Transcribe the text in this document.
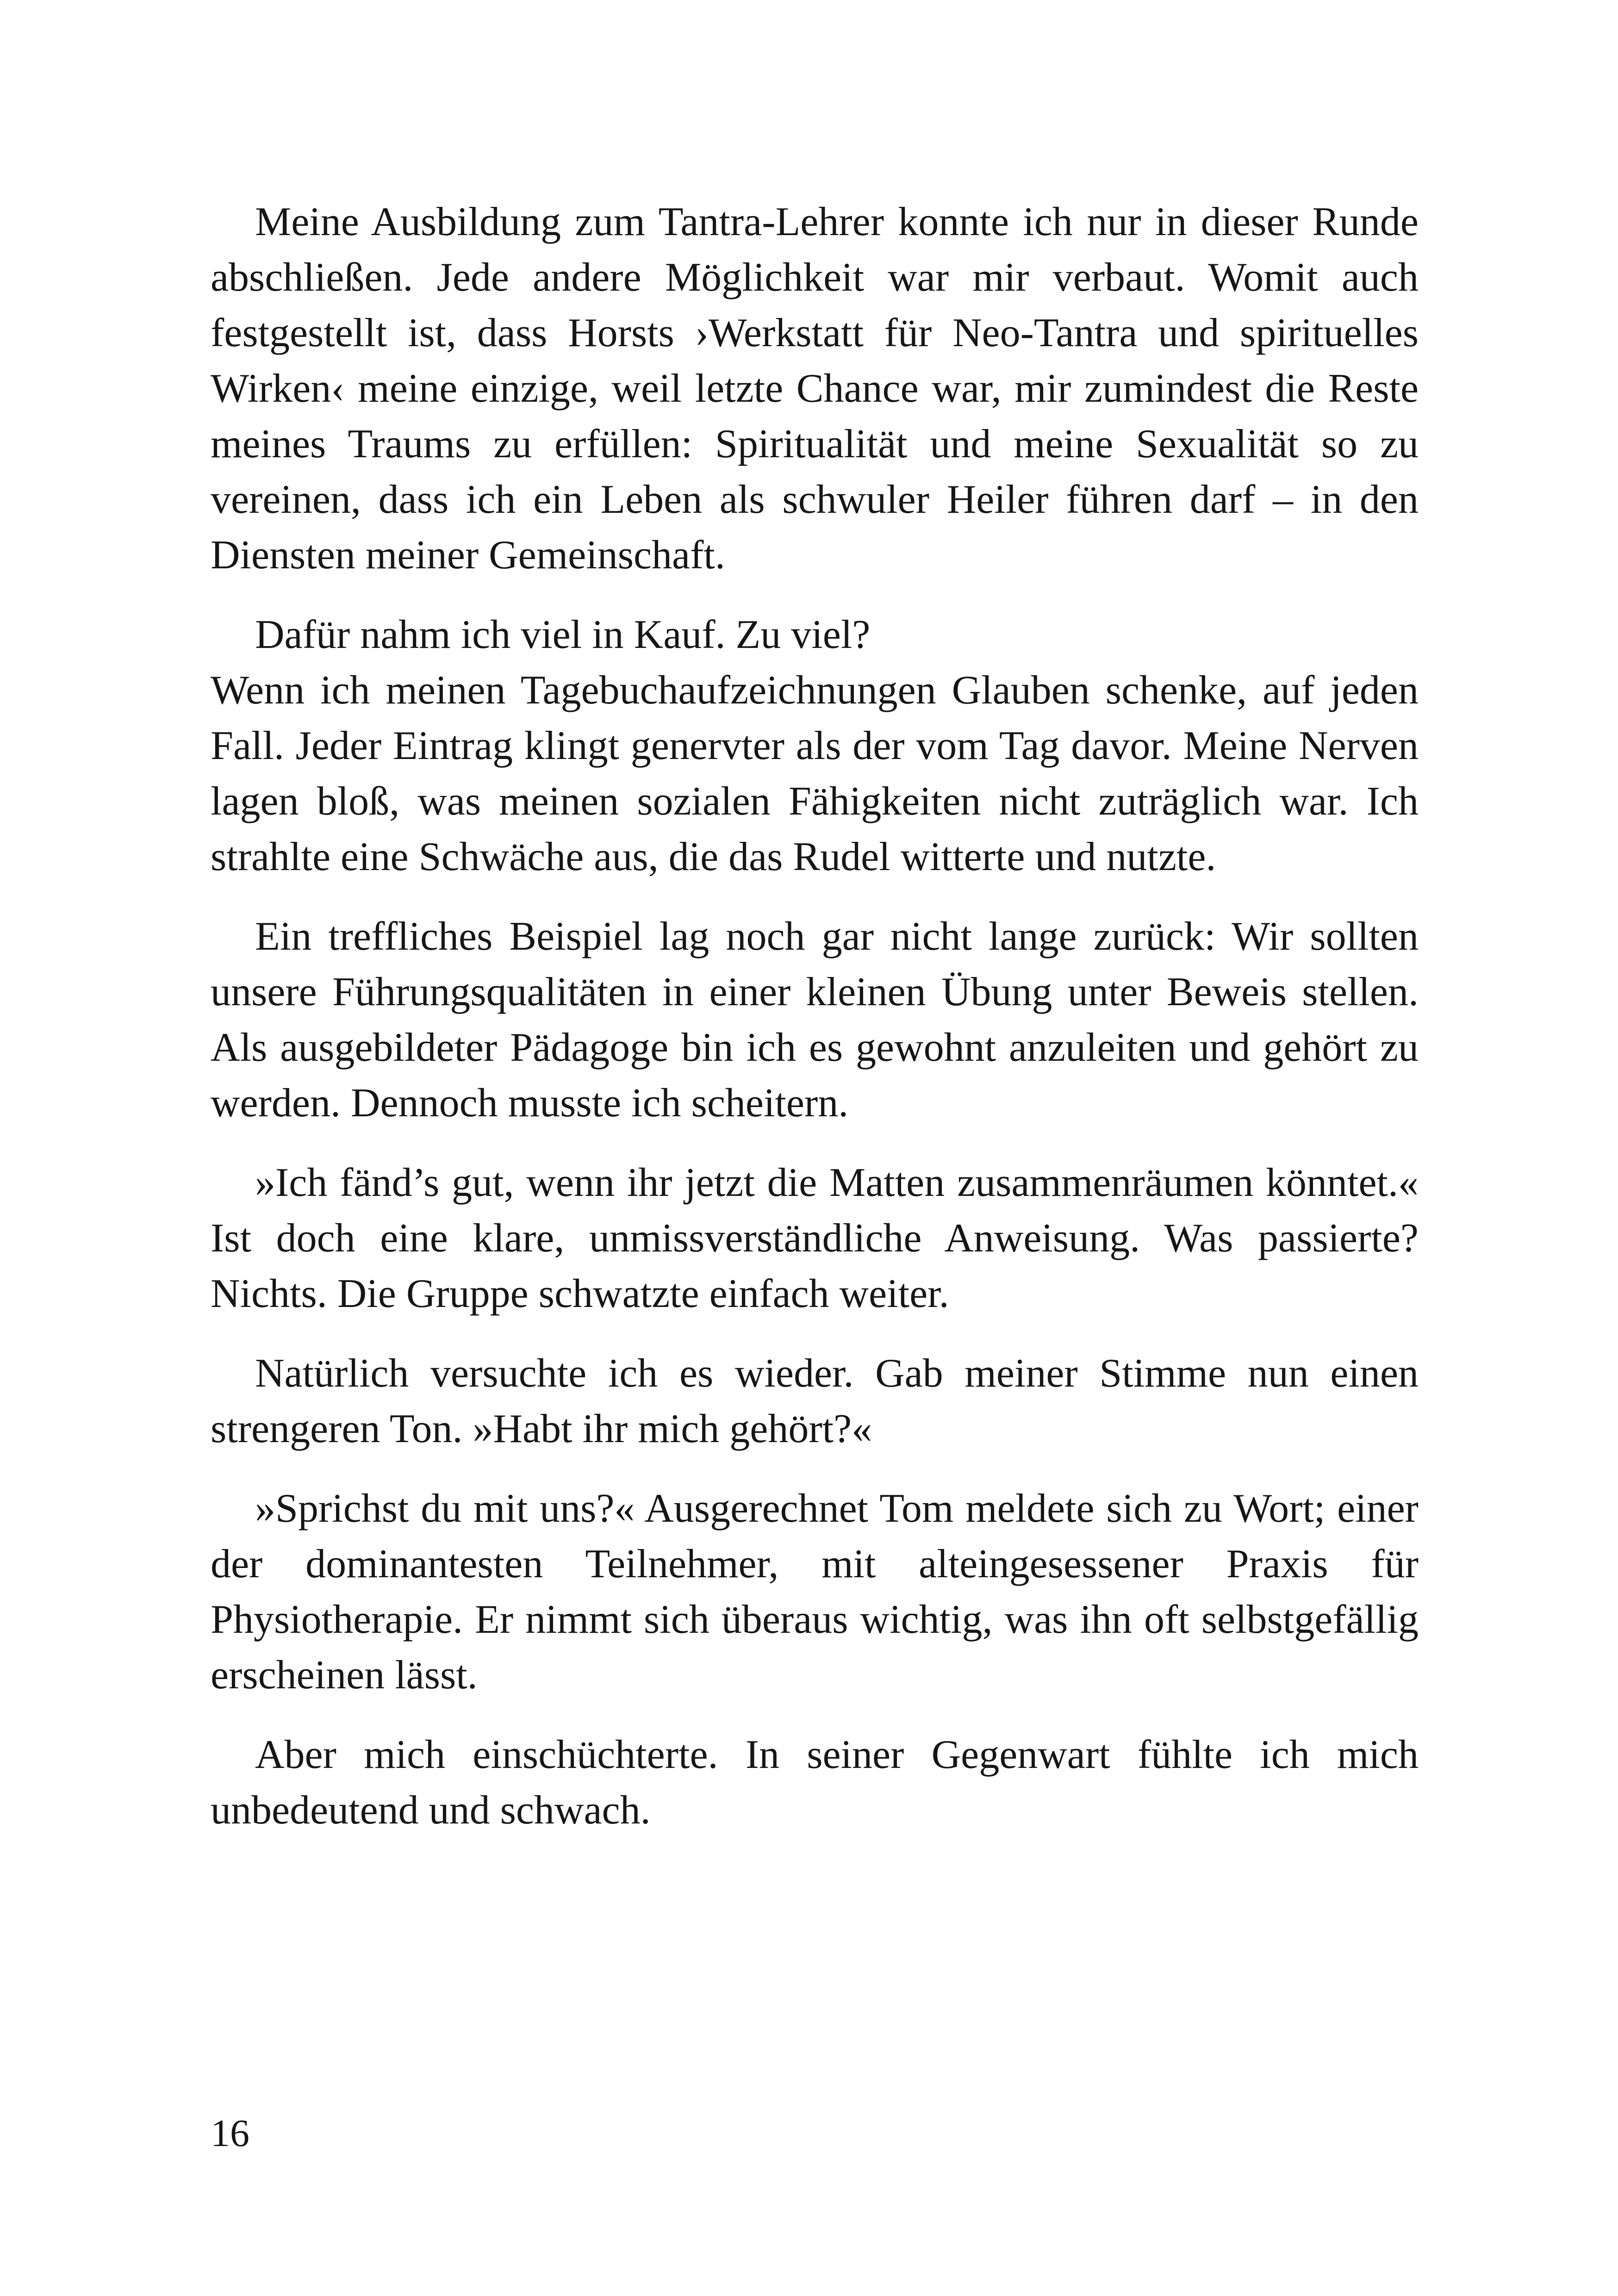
Meine Ausbildung zum Tantra-Lehrer konnte ich nur in dieser Runde abschließen. Jede andere Möglichkeit war mir verbaut. Womit auch festgestellt ist, dass Horsts ›Werkstatt für Neo-Tantra und spirituelles Wirken‹ meine einzige, weil letzte Chance war, mir zumindest die Reste meines Traums zu erfüllen: Spiritualität und meine Sexualität so zu vereinen, dass ich ein Leben als schwuler Heiler führen darf – in den Diensten meiner Gemeinschaft.

Dafür nahm ich viel in Kauf. Zu viel?

Wenn ich meinen Tagebuchaufzeichnungen Glauben schenke, auf jeden Fall. Jeder Eintrag klingt genervter als der vom Tag davor. Meine Nerven lagen bloß, was meinen sozialen Fähigkeiten nicht zuträglich war. Ich strahlte eine Schwäche aus, die das Rudel witterte und nutzte.

Ein treffliches Beispiel lag noch gar nicht lange zurück: Wir sollten unsere Führungsqualitäten in einer kleinen Übung unter Beweis stellen. Als ausgebildeter Pädagoge bin ich es gewohnt anzuleiten und gehört zu werden. Dennoch musste ich scheitern.

»Ich fänd’s gut, wenn ihr jetzt die Matten zusammenräumen könntet.« Ist doch eine klare, unmissverständliche Anweisung. Was passierte? Nichts. Die Gruppe schwatzte einfach weiter.

Natürlich versuchte ich es wieder. Gab meiner Stimme nun einen strengeren Ton. »Habt ihr mich gehört?«

»Sprichst du mit uns?« Ausgerechnet Tom meldete sich zu Wort; einer der dominantesten Teilnehmer, mit alteingesessener Praxis für Physiotherapie. Er nimmt sich überaus wichtig, was ihn oft selbstgefällig erscheinen lässt.

Aber mich einschüchterte. In seiner Gegenwart fühlte ich mich unbedeutend und schwach.

16
